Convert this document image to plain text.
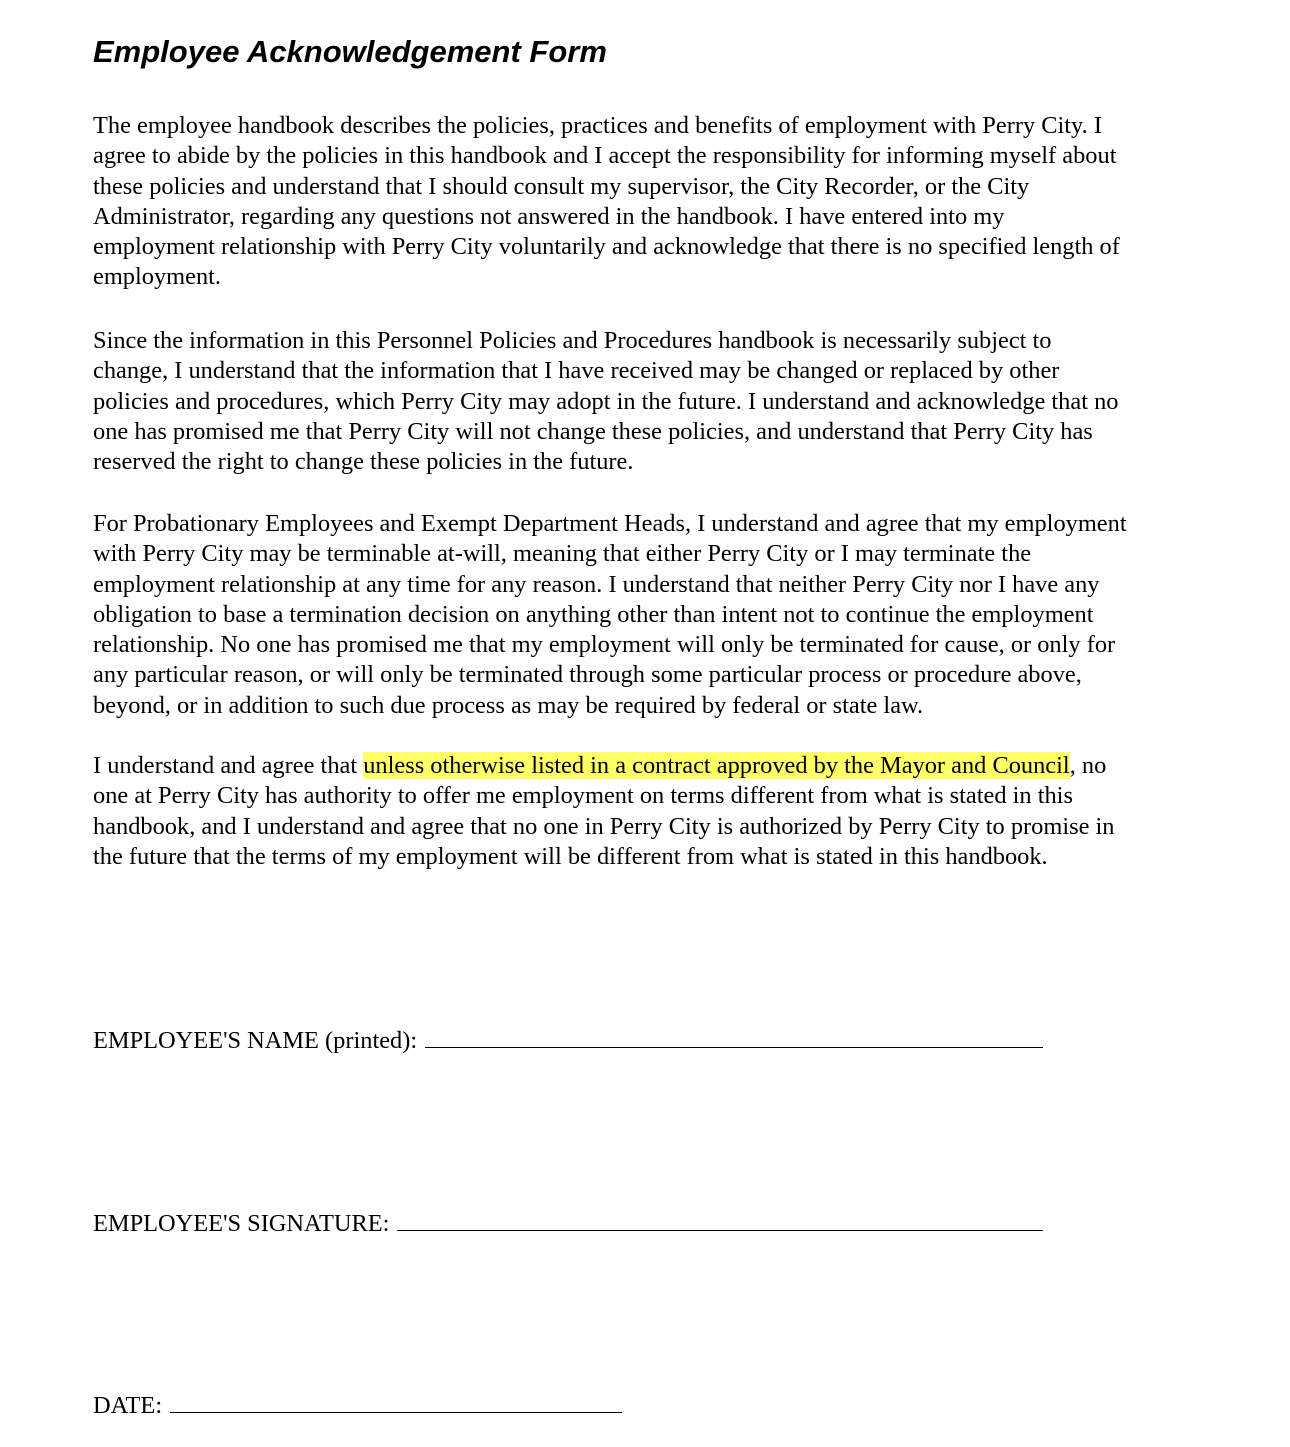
Employee Acknowledgement Form
The employee handbook describes the policies, practices and benefits of employment with Perry City. I
agree to abide by the policies in this handbook and I accept the responsibility for informing myself about
these policies and understand that I should consult my supervisor, the City Recorder, or the City
Administrator, regarding any questions not answered in the handbook. I have entered into my
employment relationship with Perry City voluntarily and acknowledge that there is no specified length of
employment.
Since the information in this Personnel Policies and Procedures handbook is necessarily subject to
change, I understand that the information that I have received may be changed or replaced by other
policies and procedures, which Perry City may adopt in the future. I understand and acknowledge that no
one has promised me that Perry City will not change these policies, and understand that Perry City has
reserved the right to change these policies in the future.
For Probationary Employees and Exempt Department Heads, I understand and agree that my employment
with Perry City may be terminable at-will, meaning that either Perry City or I may terminate the
employment relationship at any time for any reason. I understand that neither Perry City nor I have any
obligation to base a termination decision on anything other than intent not to continue the employment
relationship. No one has promised me that my employment will only be terminated for cause, or only for
any particular reason, or will only be terminated through some particular process or procedure above,
beyond, or in addition to such due process as may be required by federal or state law.
I understand and agree that unless otherwise listed in a contract approved by the Mayor and Council, no
one at Perry City has authority to offer me employment on terms different from what is stated in this
handbook, and I understand and agree that no one in Perry City is authorized by Perry City to promise in
the future that the terms of my employment will be different from what is stated in this handbook.
EMPLOYEE'S NAME (printed):
EMPLOYEE'S SIGNATURE:
DATE:
